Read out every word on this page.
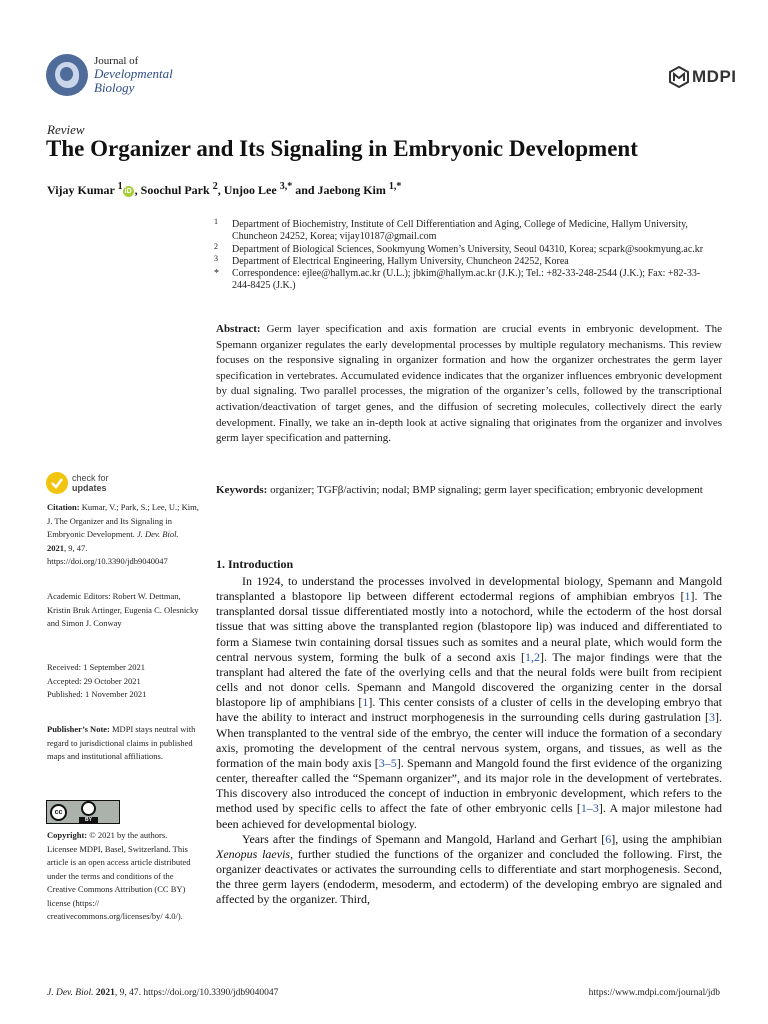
Journal of
Developmental
Biology
MDPI
Review
The Organizer and Its Signaling in Embryonic Development
Vijay Kumar $^1$ iD , Soochul Park $^2$, Unjoo Lee $^{3,*}$ and Jaebong Kim $^{1,*}$
1 Department of Biochemistry, Institute of Cell Differentiation and Aging, College of Medicine, Hallym University, Chuncheon 24252, Korea; vijay10187@gmail.com
2 Department of Biological Sciences, Sookmyung Women’s University, Seoul 04310, Korea; scpark@sookmyung.ac.kr
3 Department of Electrical Engineering, Hallym University, Chuncheon 24252, Korea
* Correspondence: ejlee@hallym.ac.kr (U.L.); jbkim@hallym.ac.kr (J.K.); Tel.: +82-33-248-2544 (J.K.); Fax: +82-33-244-8425 (J.K.)
Abstract: Germ layer specification and axis formation are crucial events in embryonic development. The Spemann organizer regulates the early developmental processes by multiple regulatory mechanisms. This review focuses on the responsive signaling in organizer formation and how the organizer orchestrates the germ layer specification in vertebrates. Accumulated evidence indicates that the organizer influences embryonic development by dual signaling. Two parallel processes, the migration of the organizer’s cells, followed by the transcriptional activation/deactivation of target genes, and the diffusion of secreting molecules, collectively direct the early development. Finally, we take an in-depth look at active signaling that originates from the organizer and involves germ layer specification and patterning.
Keywords: organizer; TGFβ/activin; nodal; BMP signaling; germ layer specification; embryonic development
check for
updates
Citation: Kumar, V.; Park, S.; Lee, U.; Kim, J. The Organizer and Its Signaling in Embryonic Development. J. Dev. Biol. 2021, 9, 47. https://doi.org/10.3390/jdb9040047
Academic Editors: Robert W. Dettman, Kristin Bruk Artinger, Eugenia C. Olesnicky and Simon J. Conway
Received: 1 September 2021
Accepted: 29 October 2021
Published: 1 November 2021
Publisher’s Note: MDPI stays neutral with regard to jurisdictional claims in published maps and institutional affiliations.
cc
BY
Copyright: © 2021 by the authors. Licensee MDPI, Basel, Switzerland. This article is an open access article distributed under the terms and conditions of the Creative Commons Attribution (CC BY) license (https:// creativecommons.org/licenses/by/ 4.0/).
1. Introduction

In 1924, to understand the processes involved in developmental biology, Spemann and Mangold transplanted a blastopore lip between different ectodermal regions of amphibian embryos [1]. The transplanted dorsal tissue differentiated mostly into a notochord, while the ectoderm of the host dorsal tissue that was sitting above the transplanted region (blastopore lip) was induced and differentiated to form a Siamese twin containing dorsal tissues such as somites and a neural plate, which would form the central nervous system, forming the bulk of a second axis [1,2]. The major findings were that the transplant had altered the fate of the overlying cells and that the neural folds were built from recipient cells and not donor cells. Spemann and Mangold discovered the organizing center in the dorsal blastopore lip of amphibians [1]. This center consists of a cluster of cells in the developing embryo that have the ability to interact and instruct morphogenesis in the surrounding cells during gastrulation [3]. When transplanted to the ventral side of the embryo, the center will induce the formation of a secondary axis, promoting the development of the central nervous system, organs, and tissues, as well as the formation of the main body axis [3–5]. Spemann and Mangold found the first evidence of the organizing center, thereafter called the “Spemann organizer”, and its major role in the development of vertebrates. This discovery also introduced the concept of induction in embryonic development, which refers to the method used by specific cells to affect the fate of other embryonic cells [1–3]. A major milestone had been achieved for developmental biology.

Years after the findings of Spemann and Mangold, Harland and Gerhart [6], using the amphibian Xenopus laevis, further studied the functions of the organizer and concluded the following. First, the organizer deactivates or activates the surrounding cells to differentiate and start morphogenesis. Second, the three germ layers (endoderm, mesoderm, and ectoderm) of the developing embryo are signaled and affected by the organizer. Third,

J. Dev. Biol. 2021, 9, 47. https://doi.org/10.3390/jdb9040047	https://www.mdpi.com/journal/jdb
